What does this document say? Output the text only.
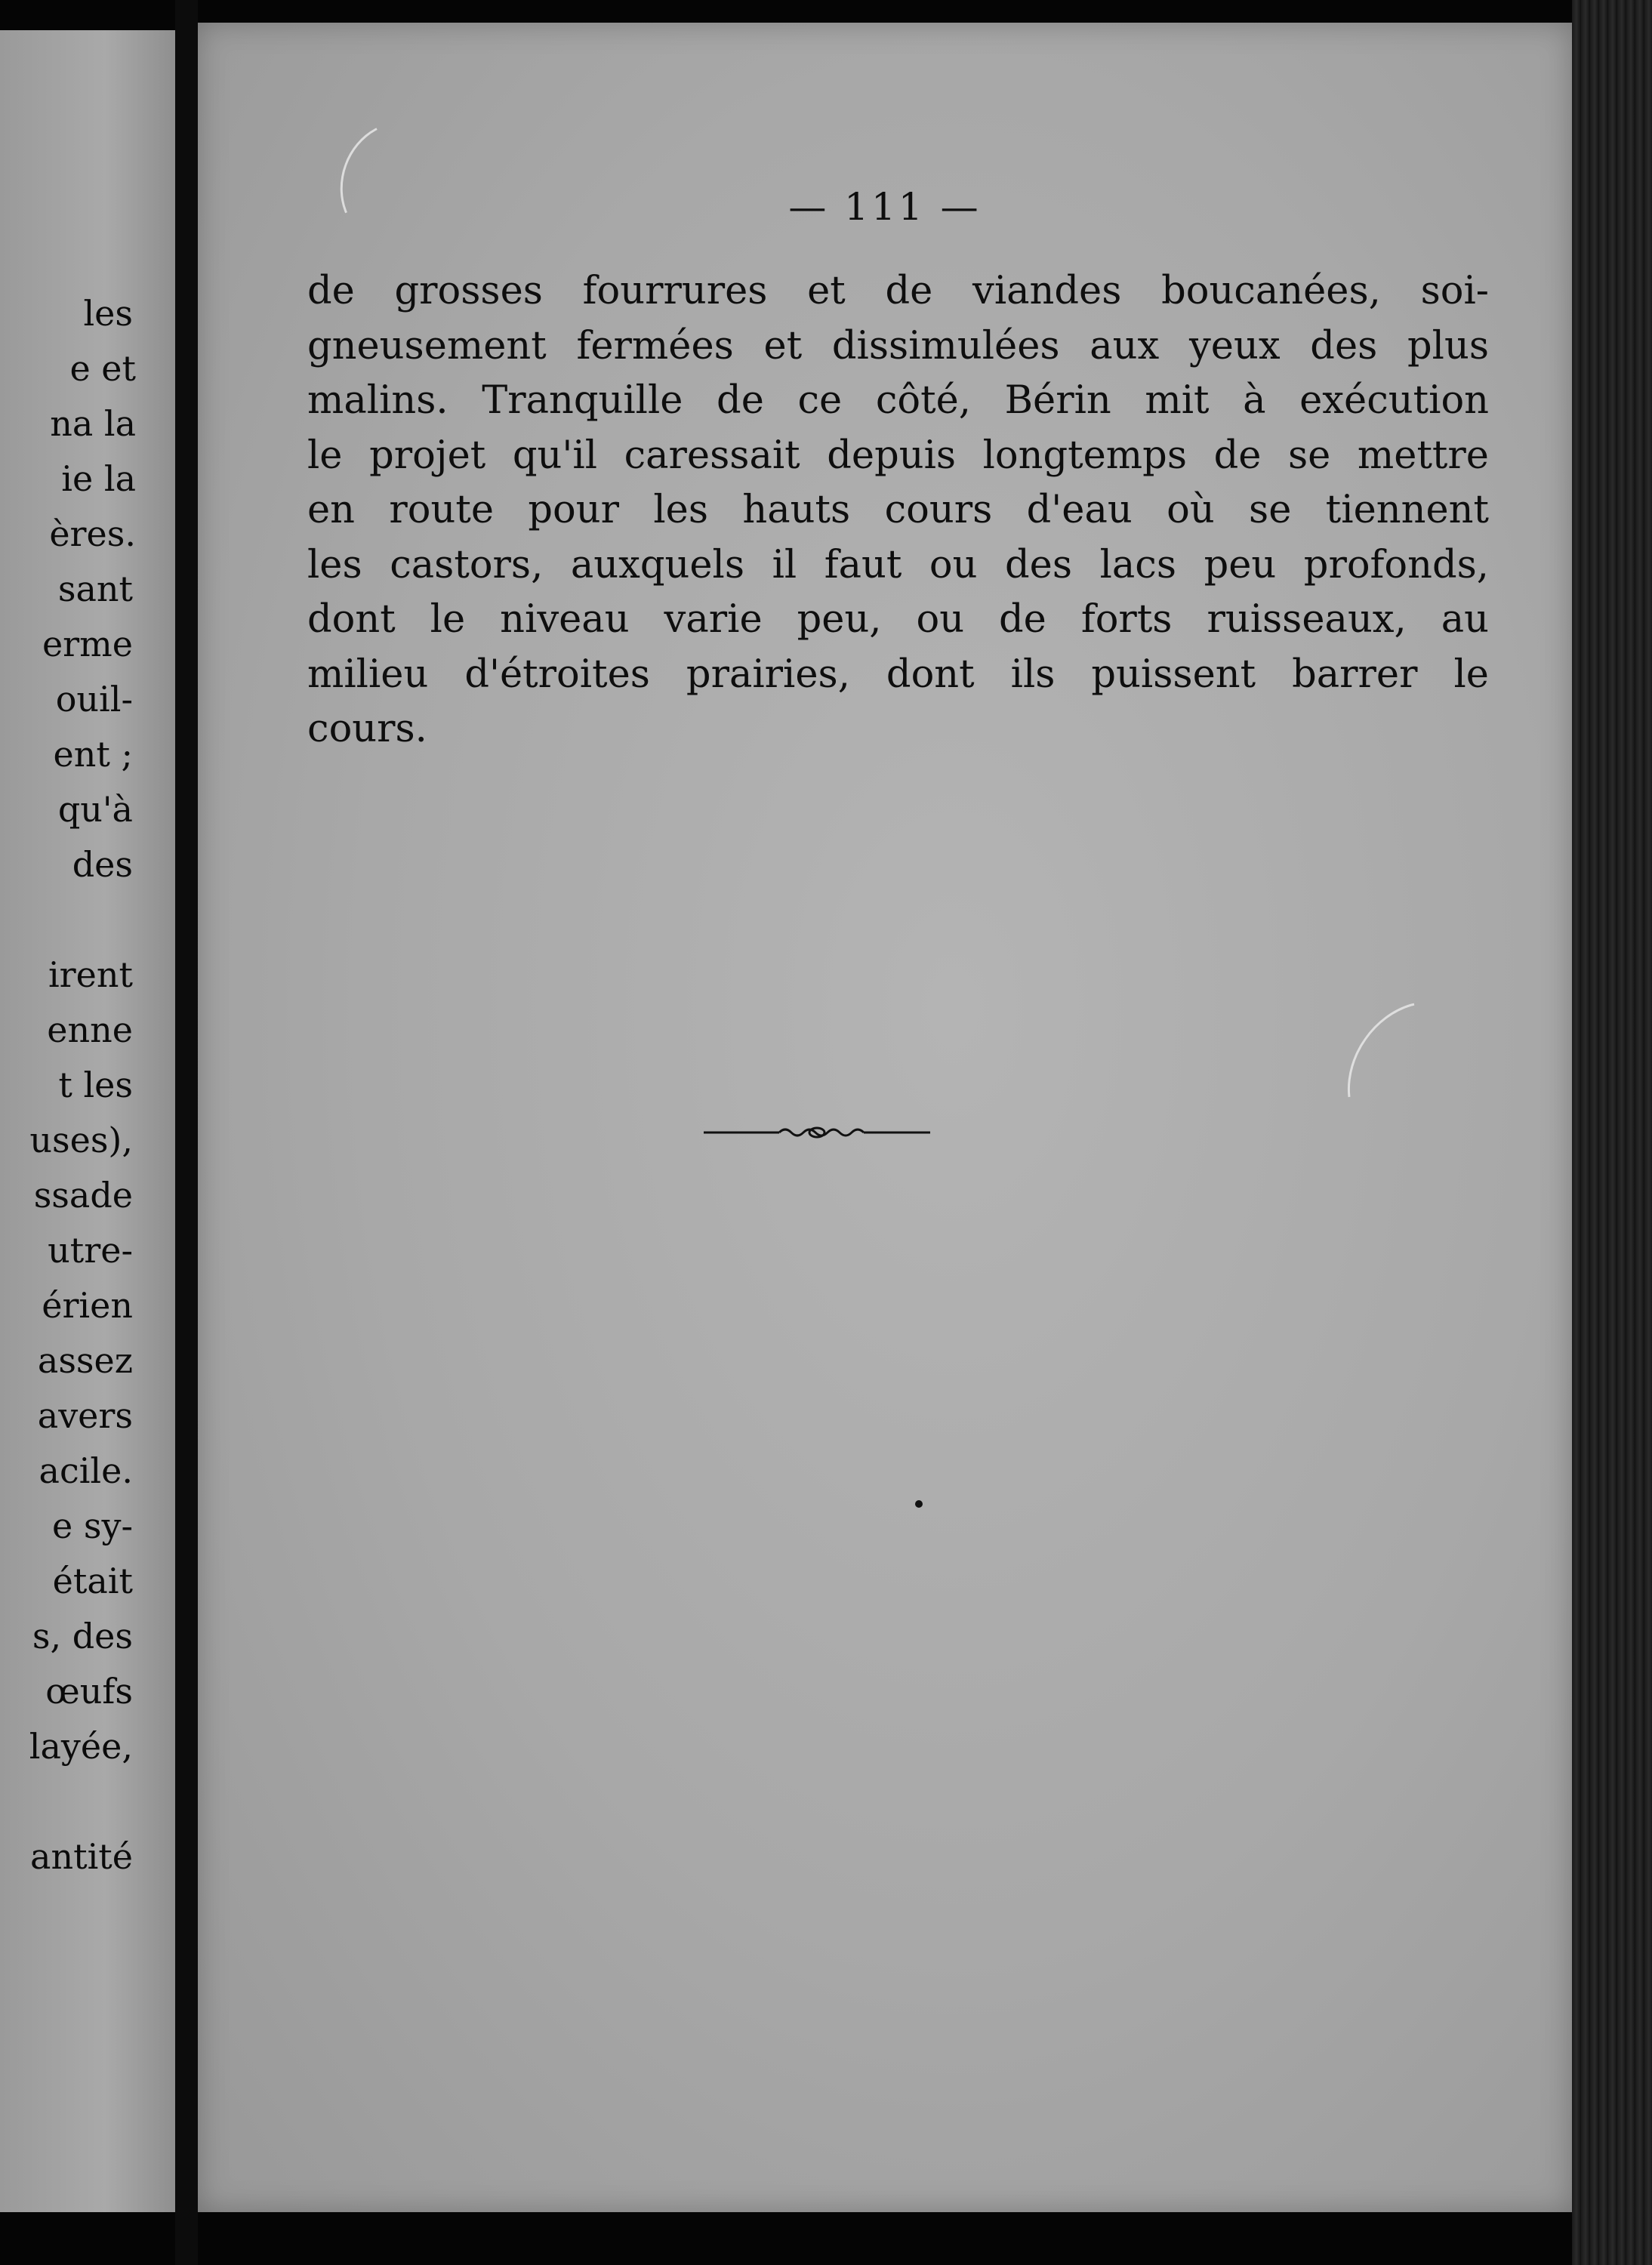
les
e et
na la
ie la
ères.
sant
erme
ouil-
ent ;
qu'à
des
irent
enne
t les
uses),
ssade
utre-
érien
assez
avers
acile.
e sy-
était
s, des
œufs
layée,
antité
— 111 —
de grosses fourrures et de viandes boucanées, soi-
gneusement fermées et dissimulées aux yeux des plus
malins. Tranquille de ce côté, Bérin mit à exécution
le projet qu'il caressait depuis longtemps de se mettre
en route pour les hauts cours d'eau où se tiennent
les castors, auxquels il faut ou des lacs peu profonds,
dont le niveau varie peu, ou de forts ruisseaux, au
milieu d'étroites prairies, dont ils puissent barrer le
cours.
